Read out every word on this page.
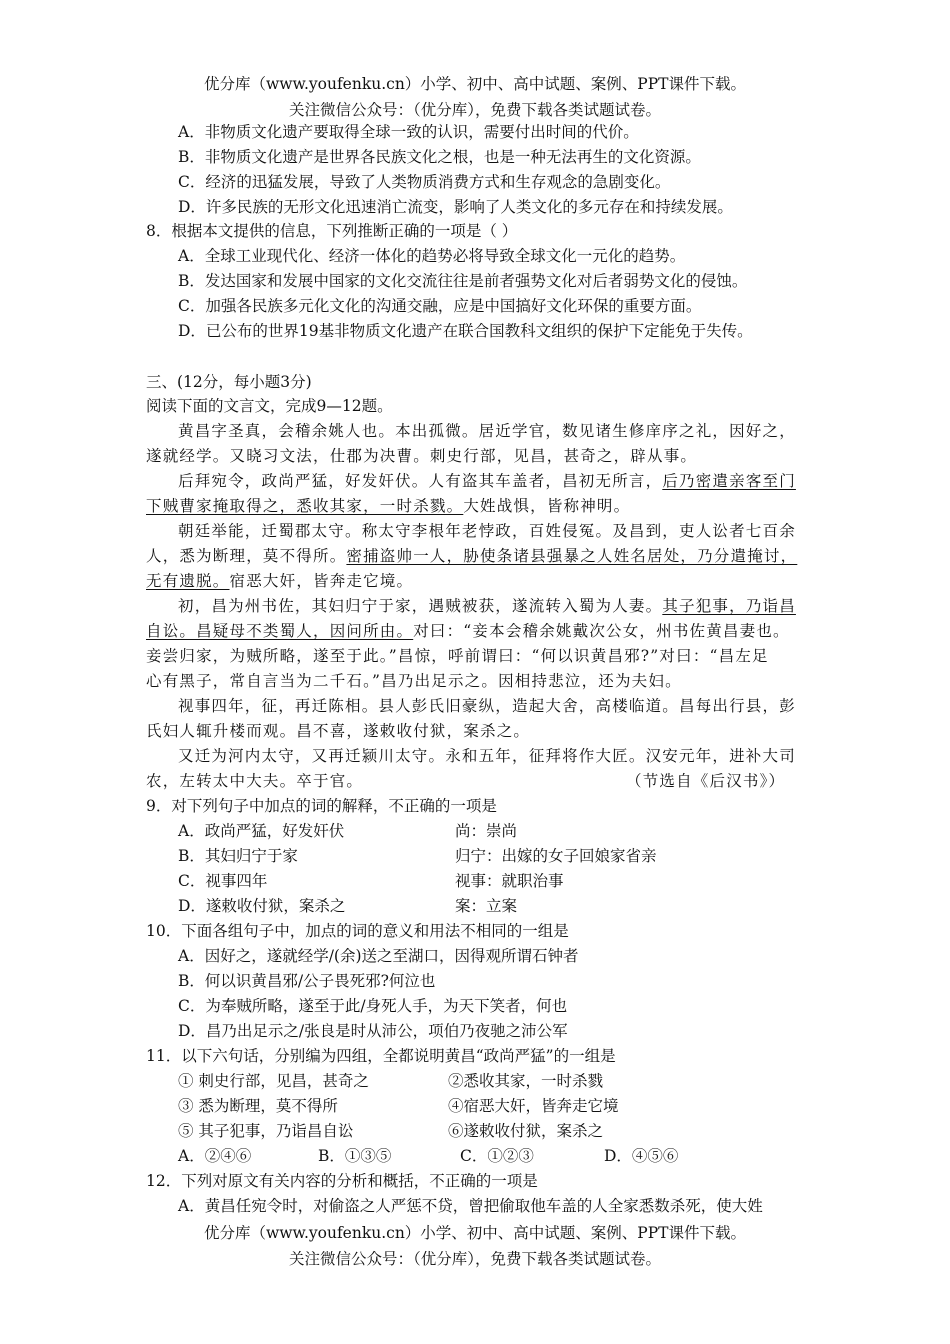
优分库（www.youfenku.cn）小学、初中、高中试题、案例、PPT课件下载。
关注微信公众号：（优分库），免费下载各类试题试卷。
A．非物质文化遗产要取得全球一致的认识，需要付出时间的代价。
B．非物质文化遗产是世界各民族文化之根，也是一种无法再生的文化资源。
C．经济的迅猛发展，导致了人类物质消费方式和生存观念的急剧变化。
D．许多民族的无形文化迅速消亡流变，影响了人类文化的多元存在和持续发展。
8．根据本文提供的信息，下列推断正确的一项是（ ）
A．全球工业现代化、经济一体化的趋势必将导致全球文化一元化的趋势。
B．发达国家和发展中国家的文化交流往往是前者强势文化对后者弱势文化的侵蚀。
C．加强各民族多元化文化的沟通交融，应是中国搞好文化环保的重要方面。
D．已公布的世界19基非物质文化遗产在联合国教科文组织的保护下定能免于失传。
三、(12分，每小题3分)
阅读下面的文言文，完成9—12题。
黄昌字圣真，会稽余姚人也。本出孤微。居近学官，数见诸生修庠序之礼，因好之，
遂就经学。又晓习文法，仕郡为决曹。刺史行部，见昌，甚奇之，辟从事。
后拜宛令，政尚严猛，好发奸伏。人有盗其车盖者，昌初无所言，后乃密遣亲客至门
下贼曹家掩取得之，悉收其家，一时杀戮。大姓战惧，皆称神明。
朝廷举能，迁蜀郡太守。称太守李根年老悖政，百姓侵冤。及昌到，吏人讼者七百余
人，悉为断理，莫不得所。密捕盗帅一人，胁使条诸县强暴之人姓名居处，乃分遣掩讨，
无有遗脱。宿恶大奸，皆奔走它境。
初，昌为州书佐，其妇归宁于家，遇贼被获，遂流转入蜀为人妻。其子犯事，乃诣昌
自讼。昌疑母不类蜀人，因问所由。对曰：“妾本会稽余姚戴次公女，州书佐黄昌妻也。
妾尝归家，为贼所略，遂至于此。”昌惊，呼前谓曰：“何以识黄昌邪?”对曰：“昌左足
心有黑子，常自言当为二千石。”昌乃出足示之。因相持悲泣，还为夫妇。
视事四年，征，再迁陈相。县人彭氏旧豪纵，造起大舍，高楼临道。昌每出行县，彭
氏妇人辄升楼而观。昌不喜，遂敕收付狱，案杀之。
又迁为河内太守，又再迁颍川太守。永和五年，征拜将作大匠。汉安元年，进补大司
农，左转太中大夫。卒于官。	（节选自《后汉书》）
9．对下列句子中加点的词的解释，不正确的一项是
A．政尚严猛，好发奸伏	尚：崇尚
B．其妇归宁于家	归宁：出嫁的女子回娘家省亲
C．视事四年	视事：就职治事
D．遂敕收付狱，案杀之	案：立案
10．下面各组句子中，加点的词的意义和用法不相同的一组是
A．因好之，遂就经学/(余)送之至湖口，因得观所谓石钟者
B．何以识黄昌邪/公子畏死邪?何泣也
C．为奉贼所略，遂至于此/身死人手，为天下笑者，何也
D．昌乃出足示之/张良是时从沛公，项伯乃夜驰之沛公军
11．以下六句话，分别编为四组，全都说明黄昌“政尚严猛”的一组是
① 刺史行部，见昌，甚奇之	②悉收其家，一时杀戮
③ 悉为断理，莫不得所	④宿恶大奸，皆奔走它境
⑤ 其子犯事，乃诣昌自讼	⑥遂敕收付狱，案杀之
A．②④⑥	B．①③⑤	C．①②③	D．④⑤⑥
12．下列对原文有关内容的分析和概括，不正确的一项是
A．黄昌任宛令时，对偷盗之人严惩不贷，曾把偷取他车盖的人全家悉数杀死，使大姓
优分库（www.youfenku.cn）小学、初中、高中试题、案例、PPT课件下载。
关注微信公众号：（优分库），免费下载各类试题试卷。
